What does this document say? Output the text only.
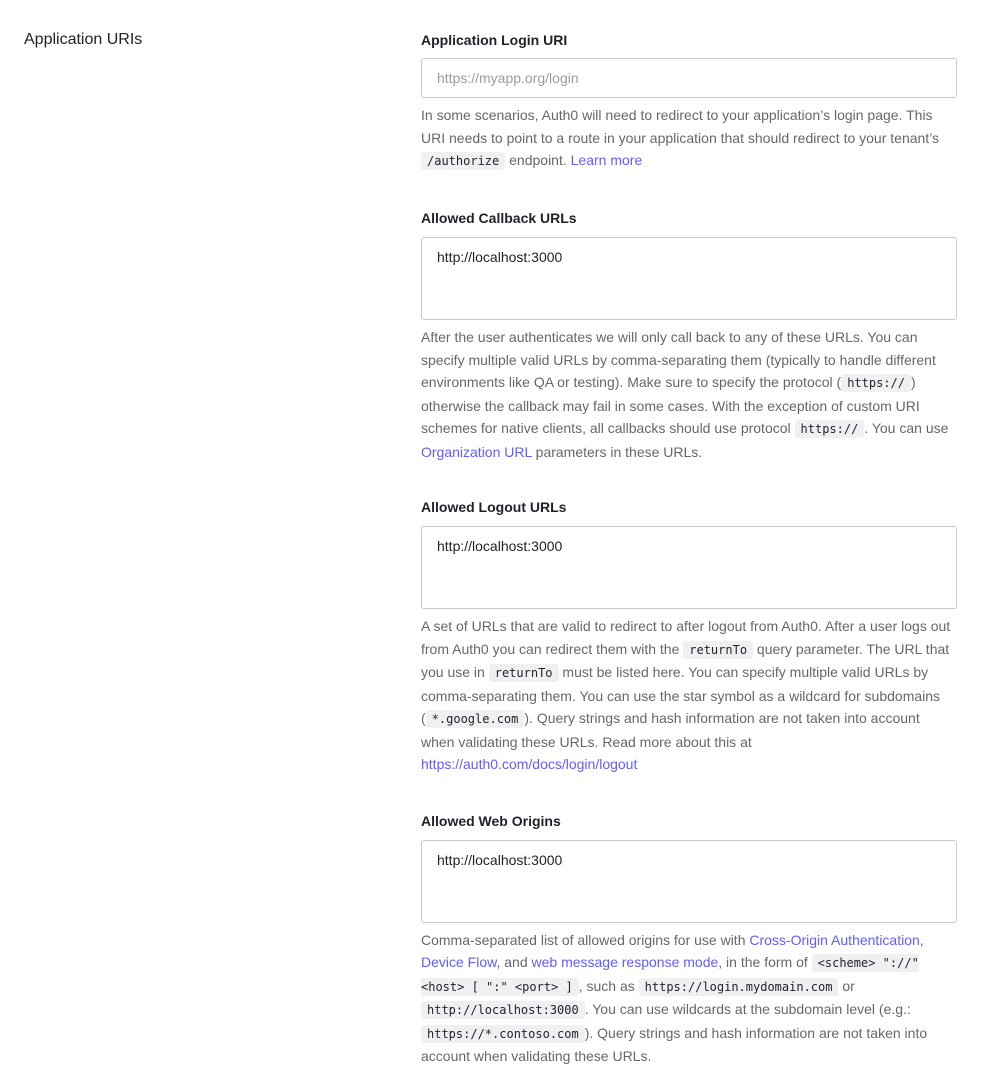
Application URIs	Application Login URI
https://myapp.org/login

In some scenarios, Auth0 will need to redirect to your application’s login page. This URI needs to point to a route in your application that should redirect to your tenant’s /authorize endpoint. Learn more

Allowed Callback URLs
http://localhost:3000

After the user authenticates we will only call back to any of these URLs. You can specify multiple valid URLs by comma-separating them (typically to handle different environments like QA or testing). Make sure to specify the protocol ( https:// ) otherwise the callback may fail in some cases. With the exception of custom URI schemes for native clients, all callbacks should use protocol https:// . You can use Organization URL parameters in these URLs.

Allowed Logout URLs
http://localhost:3000

A set of URLs that are valid to redirect to after logout from Auth0. After a user logs out from Auth0 you can redirect them with the returnTo query parameter. The URL that you use in returnTo must be listed here. You can specify multiple valid URLs by comma-separating them. You can use the star symbol as a wildcard for subdomains ( *.google.com ). Query strings and hash information are not taken into account when validating these URLs. Read more about this at https://auth0.com/docs/login/logout

Allowed Web Origins
http://localhost:3000

Comma-separated list of allowed origins for use with Cross-Origin Authentication, Device Flow, and web message response mode, in the form of <scheme> "://" <host> [ ":" <port> ] , such as https://login.mydomain.com or http://localhost:3000 . You can use wildcards at the subdomain level (e.g.: https://*.contoso.com ). Query strings and hash information are not taken into account when validating these URLs.
